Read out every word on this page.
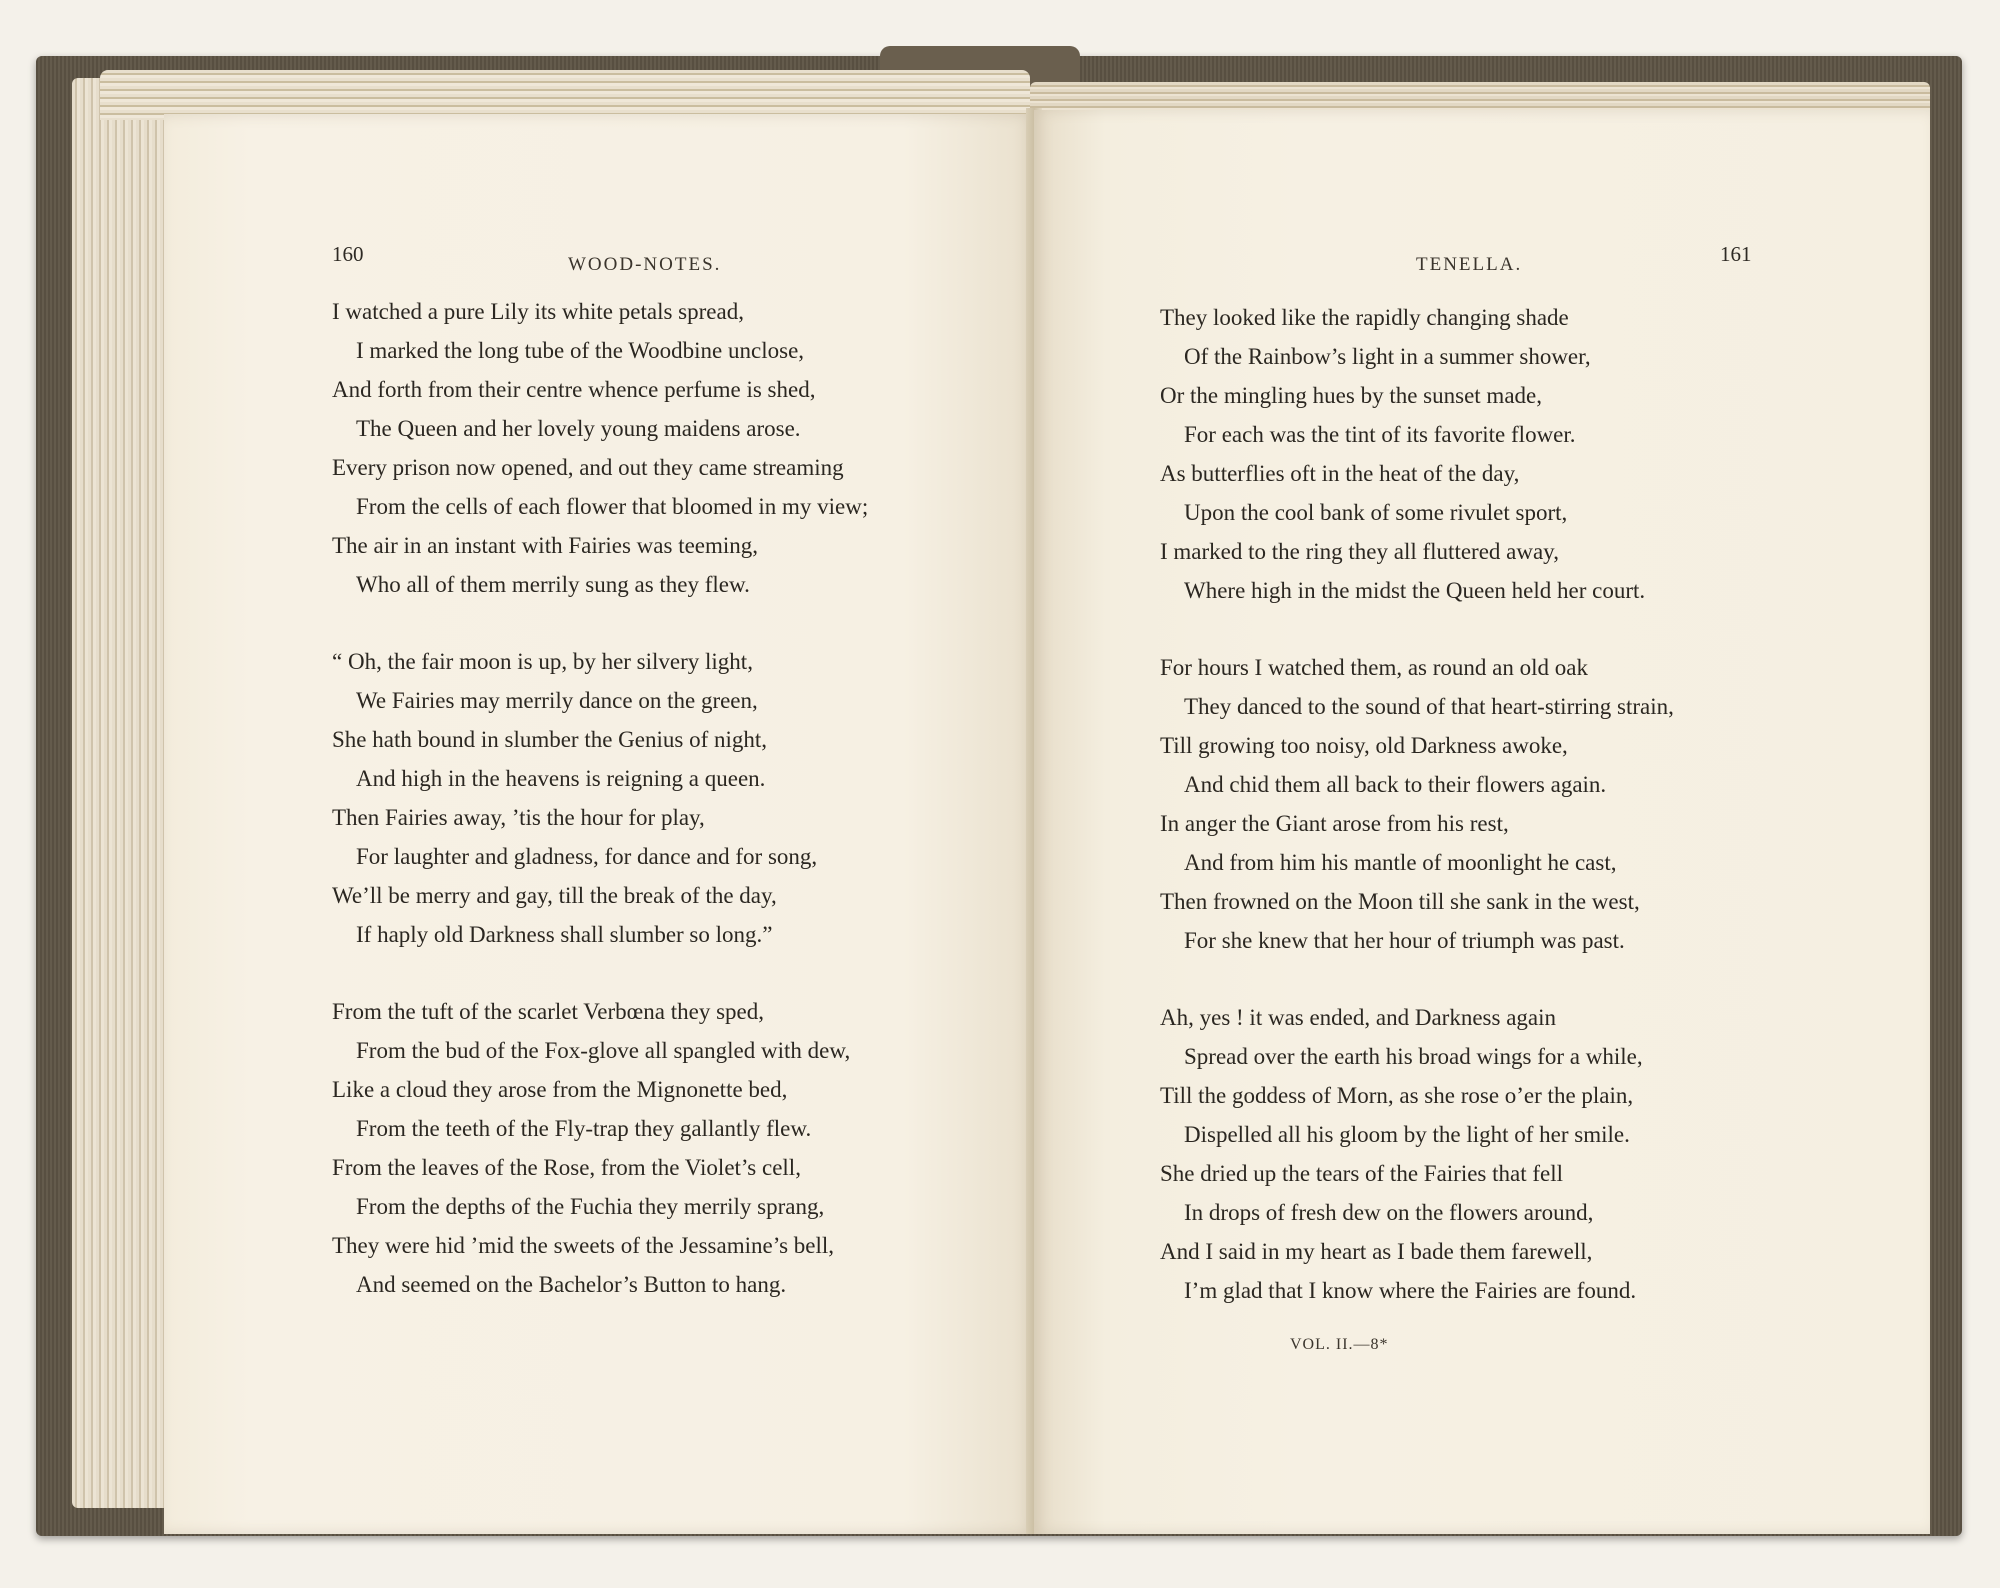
160	WOOD-NOTES.
I watched a pure Lily its white petals spread,
I marked the long tube of the Woodbine unclose,
And forth from their centre whence perfume is shed,
The Queen and her lovely young maidens arose.
Every prison now opened, and out they came streaming
From the cells of each flower that bloomed in my view;
The air in an instant with Fairies was teeming,
Who all of them merrily sung as they flew.
“ Oh, the fair moon is up, by her silvery light,
We Fairies may merrily dance on the green,
She hath bound in slumber the Genius of night,
And high in the heavens is reigning a queen.
Then Fairies away, ’tis the hour for play,
For laughter and gladness, for dance and for song,
We’ll be merry and gay, till the break of the day,
If haply old Darkness shall slumber so long.”
From the tuft of the scarlet Verbœna they sped,
From the bud of the Fox-glove all spangled with dew,
Like a cloud they arose from the Mignonette bed,
From the teeth of the Fly-trap they gallantly flew.
From the leaves of the Rose, from the Violet’s cell,
From the depths of the Fuchia they merrily sprang,
They were hid ’mid the sweets of the Jessamine’s bell,
And seemed on the Bachelor’s Button to hang.
TENELLA.	161
They looked like the rapidly changing shade
Of the Rainbow’s light in a summer shower,
Or the mingling hues by the sunset made,
For each was the tint of its favorite flower.
As butterflies oft in the heat of the day,
Upon the cool bank of some rivulet sport,
I marked to the ring they all fluttered away,
Where high in the midst the Queen held her court.
For hours I watched them, as round an old oak
They danced to the sound of that heart-stirring strain,
Till growing too noisy, old Darkness awoke,
And chid them all back to their flowers again.
In anger the Giant arose from his rest,
And from him his mantle of moonlight he cast,
Then frowned on the Moon till she sank in the west,
For she knew that her hour of triumph was past.
Ah, yes ! it was ended, and Darkness again
Spread over the earth his broad wings for a while,
Till the goddess of Morn, as she rose o’er the plain,
Dispelled all his gloom by the light of her smile.
She dried up the tears of the Fairies that fell
In drops of fresh dew on the flowers around,
And I said in my heart as I bade them farewell,
I’m glad that I know where the Fairies are found.
VOL. II.—8*
